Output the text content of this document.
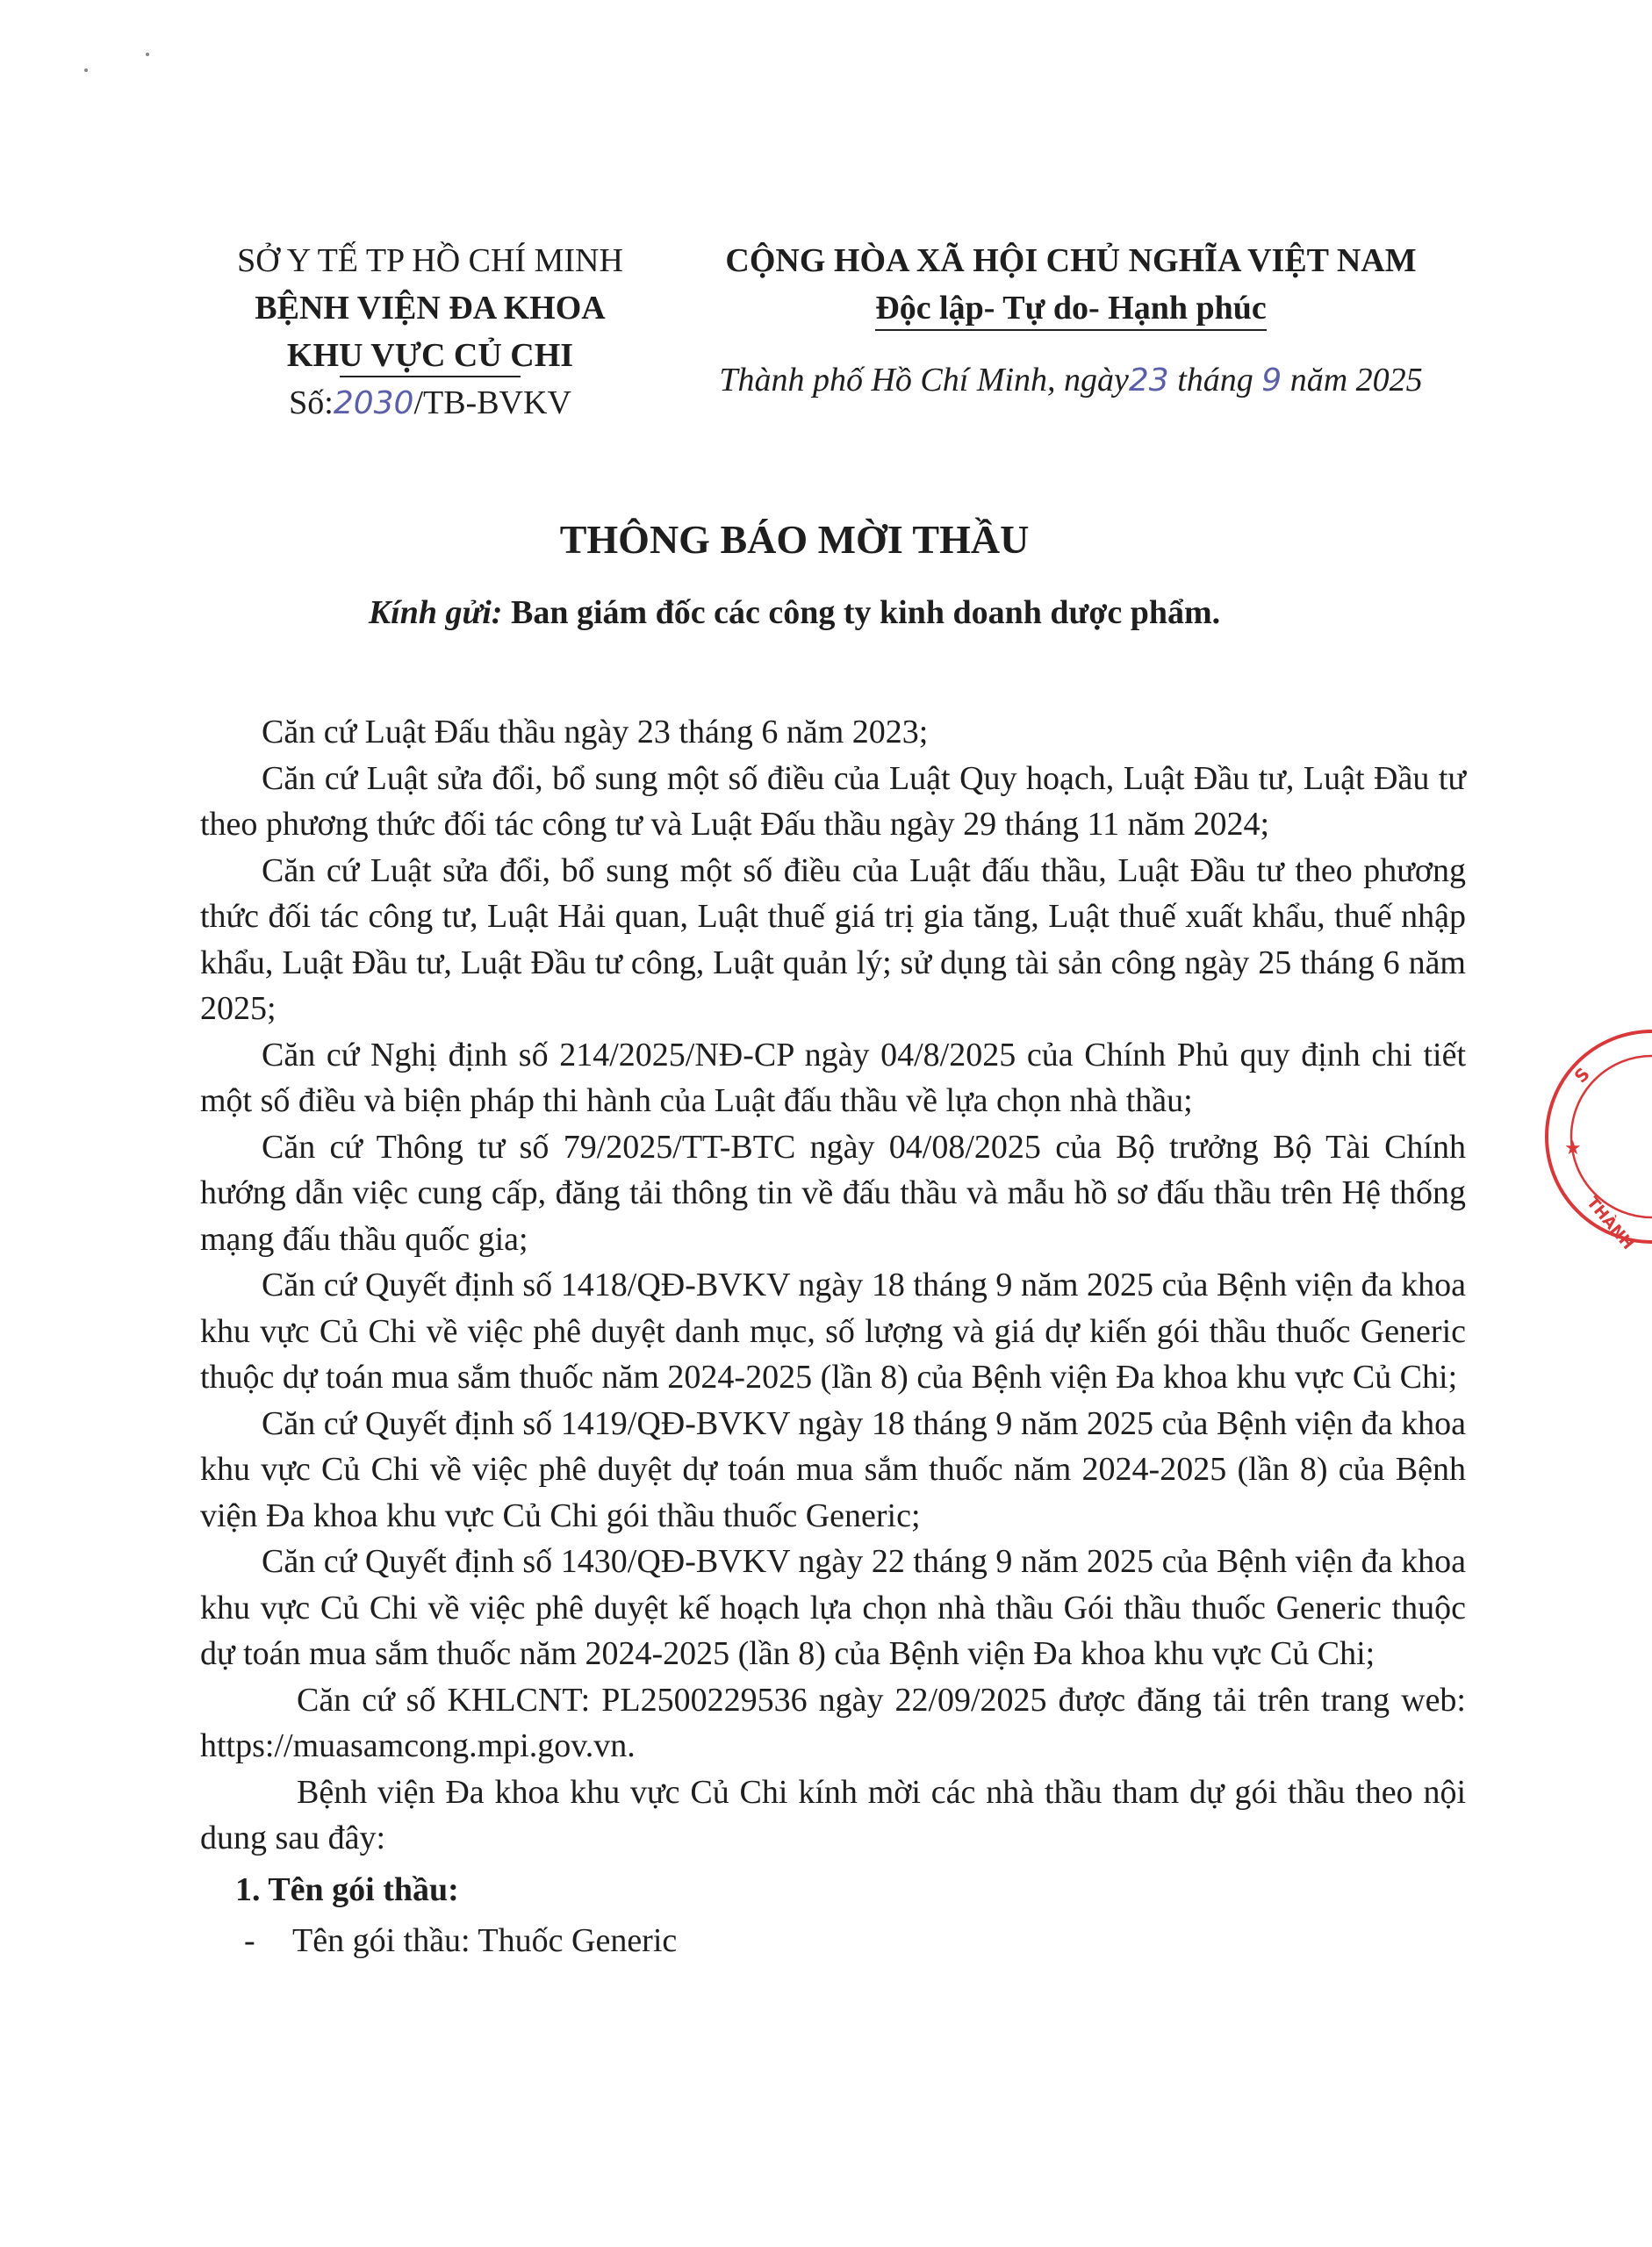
SỞ Y TẾ TP HỒ CHÍ MINH
BỆNH VIỆN ĐA KHOA
KHU VỰC CỦ CHI
Số:2030/TB-BVKV
CỘNG HÒA XÃ HỘI CHỦ NGHĨA VIỆT NAM
Độc lập- Tự do- Hạnh phúc
Thành phố Hồ Chí Minh, ngày23 tháng 9 năm 2025
THÔNG BÁO MỜI THẦU
Kính gửi: Ban giám đốc các công ty kinh doanh dược phẩm.

Căn cứ Luật Đấu thầu ngày 23 tháng 6 năm 2023;

Căn cứ Luật sửa đổi, bổ sung một số điều của Luật Quy hoạch, Luật Đầu tư, Luật Đầu tư theo phương thức đối tác công tư và Luật Đấu thầu ngày 29 tháng 11 năm 2024;

Căn cứ Luật sửa đổi, bổ sung một số điều của Luật đấu thầu, Luật Đầu tư theo phương thức đối tác công tư, Luật Hải quan, Luật thuế giá trị gia tăng, Luật thuế xuất khẩu, thuế nhập khẩu, Luật Đầu tư, Luật Đầu tư công, Luật quản lý; sử dụng tài sản công ngày 25 tháng 6 năm 2025;

Căn cứ Nghị định số 214/2025/NĐ-CP ngày 04/8/2025 của Chính Phủ quy định chi tiết một số điều và biện pháp thi hành của Luật đấu thầu về lựa chọn nhà thầu;

Căn cứ Thông tư số 79/2025/TT-BTC ngày 04/08/2025 của Bộ trưởng Bộ Tài Chính hướng dẫn việc cung cấp, đăng tải thông tin về đấu thầu và mẫu hồ sơ đấu thầu trên Hệ thống mạng đấu thầu quốc gia;

Căn cứ Quyết định số 1418/QĐ-BVKV ngày 18 tháng 9 năm 2025 của Bệnh viện đa khoa khu vực Củ Chi về việc phê duyệt danh mục, số lượng và giá dự kiến gói thầu thuốc Generic thuộc dự toán mua sắm thuốc năm 2024-2025 (lần 8) của Bệnh viện Đa khoa khu vực Củ Chi;

Căn cứ Quyết định số 1419/QĐ-BVKV ngày 18 tháng 9 năm 2025 của Bệnh viện đa khoa khu vực Củ Chi về việc phê duyệt dự toán mua sắm thuốc năm 2024-2025 (lần 8) của Bệnh viện Đa khoa khu vực Củ Chi gói thầu thuốc Generic;

Căn cứ Quyết định số 1430/QĐ-BVKV ngày 22 tháng 9 năm 2025 của Bệnh viện đa khoa khu vực Củ Chi về việc phê duyệt kế hoạch lựa chọn nhà thầu Gói thầu thuốc Generic thuộc dự toán mua sắm thuốc năm 2024-2025 (lần 8) của Bệnh viện Đa khoa khu vực Củ Chi;

Căn cứ số KHLCNT: PL2500229536 ngày 22/09/2025 được đăng tải trên trang web: https://muasamcong.mpi.gov.vn.

Bệnh viện Đa khoa khu vực Củ Chi kính mời các nhà thầu tham dự gói thầu theo nội dung sau đây:

1. Tên gói thầu:
- Tên gói thầu: Thuốc Generic
S
★
THÀNH
